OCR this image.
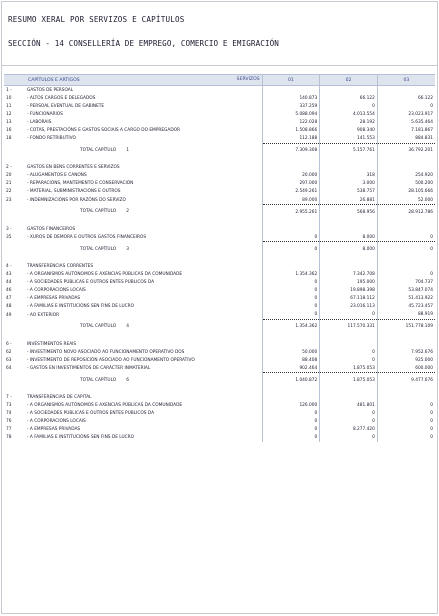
RESUMO XERAL POR SERVIZOS E CAPÍTULOS
SECCIÓN - 14 CONSELLERÍA DE EMPREGO, COMERCIO E EMIGRACIÓN
	CAPÍTULOS E ARTIGOS SERVIZOS	01	02	03
1 -	GASTOS DE PERSOAL			
10	- ALTOS CARGOS E DELEGADOS	140.873	66.122	66.122
11	- PERSOAL EVENTUAL DE GABINETE	337.259	0	0
12	- FUNCIONARIOS	5.088.094	4.013.554	23.023.917
13	- LABORAIS	122.028	28.192	5.635.464
16	- COTAS, PRESTACIÓNS E GASTOS SOCIAIS A CARGO DO EMPREGADOR	1.508.866	908.340	7.181.867
18	- FONDO RETRIBUTIVO	112.188	141.553	884.831
	TOTAL CAPÍTULO 1	7.309.308	5.157.761	36.792.201

2 -	GASTOS EN BENS CORRENTES E SERVIZOS			
20	- ALUGAMENTOS E CANONS	20.000	318	254.920
21	- REPARACIÓNS, MANTEMENTO E CONSERVACIÓN	297.000	3.000	500.200
22	- MATERIAL, SUBMINISTRACIÓNS E OUTROS	2.549.261	538.757	28.105.666
23	- INDEMNIZACIÓNS POR RAZÓNS DO SERVIZO	89.000	26.881	52.000
	TOTAL CAPÍTULO 2	2.955.261	568.956	28.912.786

3 -	GASTOS FINANCEIROS			
35	- XUROS DE DEMORA E OUTROS GASTOS FINANCEIROS	0	8.000	0
	TOTAL CAPÍTULO 3	0	8.000	0

4 -	TRANSFERENCIAS CORRENTES			
43	- A ORGANISMOS AUTÓNOMOS E AXENCIAS PÚBLICAS DA COMUNIDADE	1.354.362	7.342.708	0
44	- A SOCIEDADES PÚBLICAS E OUTROS ENTES PÚBLICOS DA	0	195.000	704.737
46	- A CORPORACIÓNS LOCAIS	0	19.898.398	53.847.074
47	- A EMPRESAS PRIVADAS	0	67.118.112	51.413.922
48	- A FAMILIAS E INSTITUCIÓNS SEN FINS DE LUCRO	0	23.016.113	45.723.457
49	- AO EXTERIOR	0	0	88.919
	TOTAL CAPÍTULO 4	1.354.362	117.570.331	151.778.109

6 -	INVESTIMENTOS REAIS			
62	- INVESTIMENTO NOVO ASOCIADO AO FUNCIONAMENTO OPERATIVO DOS	50.000	0	7.952.676
63	- INVESTIMENTO DE REPOSICIÓN ASOCIADO AO FUNCIONAMENTO OPERATIVO	88.408	0	925.000
64	- GASTOS EN INVESTIMENTOS DE CARÁCTER INMATERIAL	902.464	1.875.053	600.000
	TOTAL CAPÍTULO 6	1.040.872	1.875.053	9.477.676

7 -	TRANSFERENCIAS DE CAPITAL			
73	- A ORGANISMOS AUTÓNOMOS E AXENCIAS PÚBLICAS DA COMUNIDADE	126.000	481.801	0
74	- A SOCIEDADES PÚBLICAS E OUTROS ENTES PÚBLICOS DA	0	0	0
76	- A CORPORACIÓNS LOCAIS	0	0	0
77	- A EMPRESAS PRIVADAS	0	8.277.420	0
78	- A FAMILIAS E INSTITUCIÓNS SEN FINS DE LUCRO	0	0	0
